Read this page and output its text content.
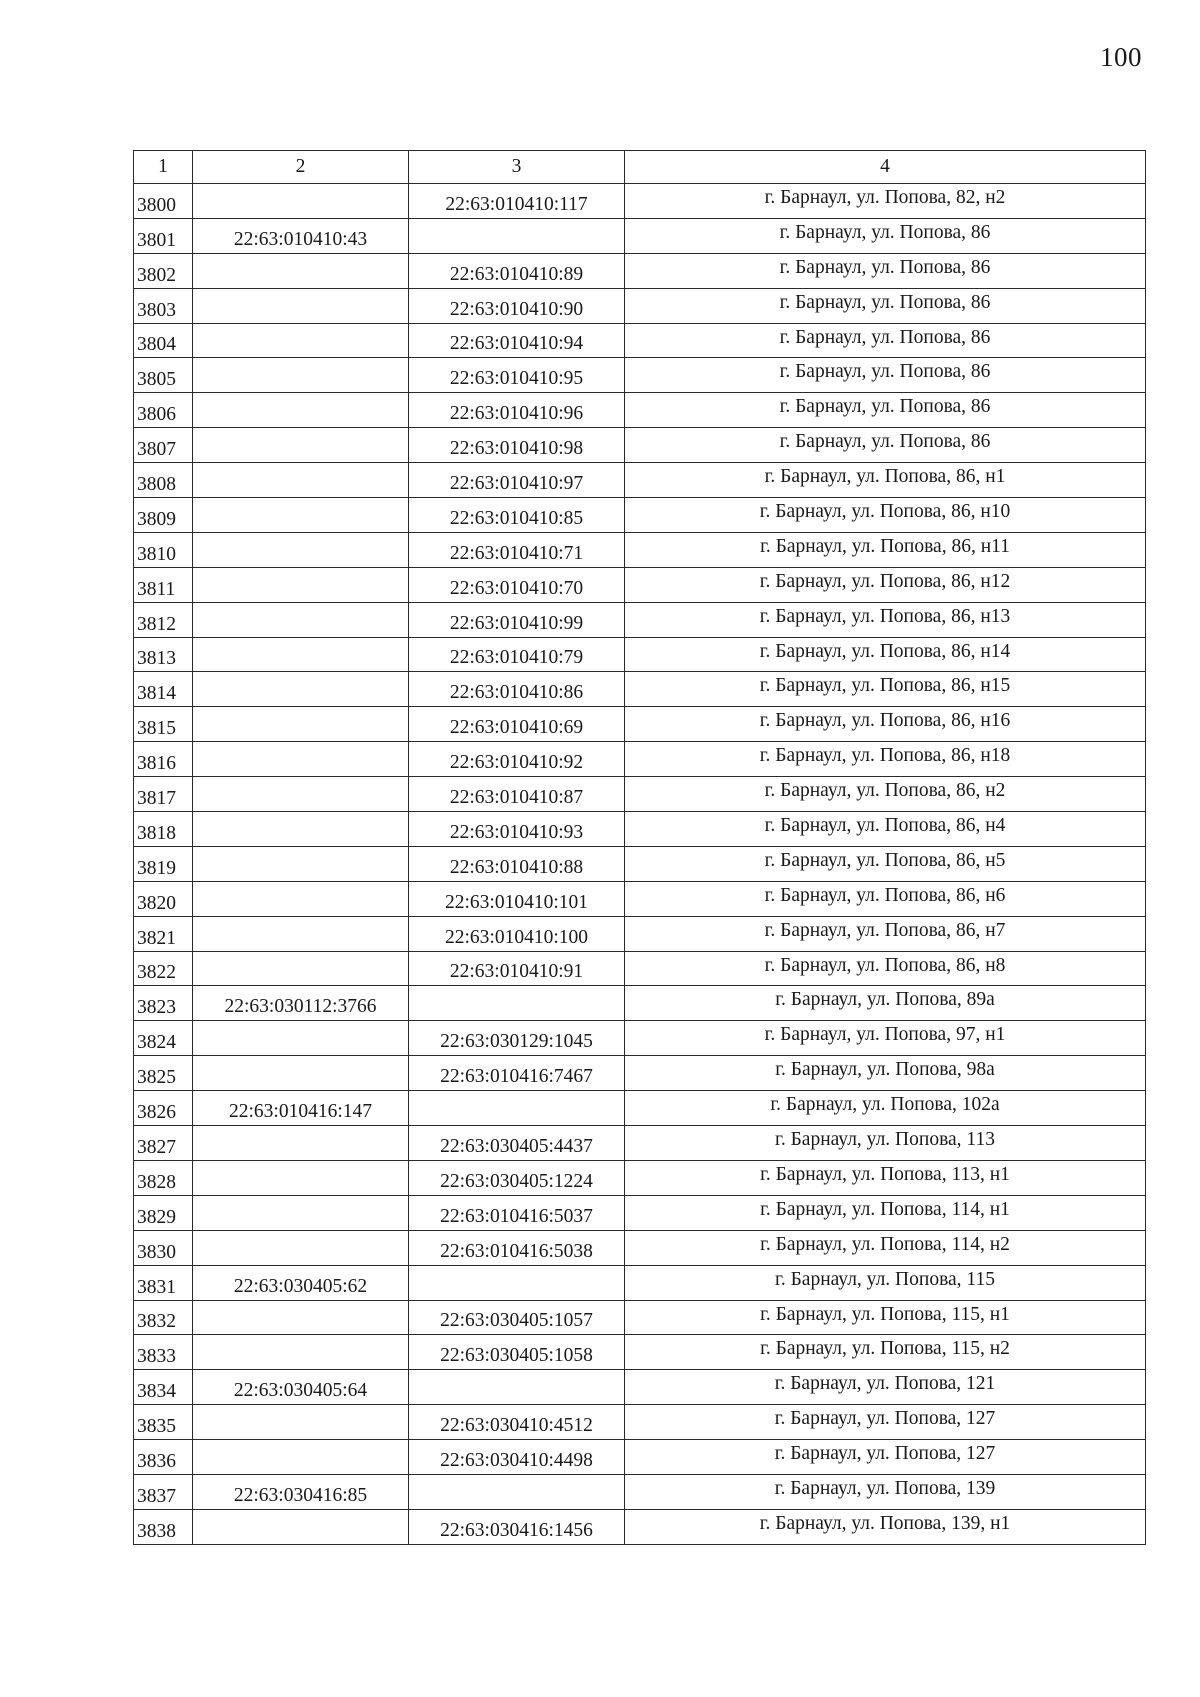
100
1	2	3	4
3800		22:63:010410:117	г. Барнаул, ул. Попова, 82, н2
3801	22:63:010410:43		г. Барнаул, ул. Попова, 86
3802		22:63:010410:89	г. Барнаул, ул. Попова, 86
3803		22:63:010410:90	г. Барнаул, ул. Попова, 86
3804		22:63:010410:94	г. Барнаул, ул. Попова, 86
3805		22:63:010410:95	г. Барнаул, ул. Попова, 86
3806		22:63:010410:96	г. Барнаул, ул. Попова, 86
3807		22:63:010410:98	г. Барнаул, ул. Попова, 86
3808		22:63:010410:97	г. Барнаул, ул. Попова, 86, н1
3809		22:63:010410:85	г. Барнаул, ул. Попова, 86, н10
3810		22:63:010410:71	г. Барнаул, ул. Попова, 86, н11
3811		22:63:010410:70	г. Барнаул, ул. Попова, 86, н12
3812		22:63:010410:99	г. Барнаул, ул. Попова, 86, н13
3813		22:63:010410:79	г. Барнаул, ул. Попова, 86, н14
3814		22:63:010410:86	г. Барнаул, ул. Попова, 86, н15
3815		22:63:010410:69	г. Барнаул, ул. Попова, 86, н16
3816		22:63:010410:92	г. Барнаул, ул. Попова, 86, н18
3817		22:63:010410:87	г. Барнаул, ул. Попова, 86, н2
3818		22:63:010410:93	г. Барнаул, ул. Попова, 86, н4
3819		22:63:010410:88	г. Барнаул, ул. Попова, 86, н5
3820		22:63:010410:101	г. Барнаул, ул. Попова, 86, н6
3821		22:63:010410:100	г. Барнаул, ул. Попова, 86, н7
3822		22:63:010410:91	г. Барнаул, ул. Попова, 86, н8
3823	22:63:030112:3766		г. Барнаул, ул. Попова, 89а
3824		22:63:030129:1045	г. Барнаул, ул. Попова, 97, н1
3825		22:63:010416:7467	г. Барнаул, ул. Попова, 98а
3826	22:63:010416:147		г. Барнаул, ул. Попова, 102а
3827		22:63:030405:4437	г. Барнаул, ул. Попова, 113
3828		22:63:030405:1224	г. Барнаул, ул. Попова, 113, н1
3829		22:63:010416:5037	г. Барнаул, ул. Попова, 114, н1
3830		22:63:010416:5038	г. Барнаул, ул. Попова, 114, н2
3831	22:63:030405:62		г. Барнаул, ул. Попова, 115
3832		22:63:030405:1057	г. Барнаул, ул. Попова, 115, н1
3833		22:63:030405:1058	г. Барнаул, ул. Попова, 115, н2
3834	22:63:030405:64		г. Барнаул, ул. Попова, 121
3835		22:63:030410:4512	г. Барнаул, ул. Попова, 127
3836		22:63:030410:4498	г. Барнаул, ул. Попова, 127
3837	22:63:030416:85		г. Барнаул, ул. Попова, 139
3838		22:63:030416:1456	г. Барнаул, ул. Попова, 139, н1
